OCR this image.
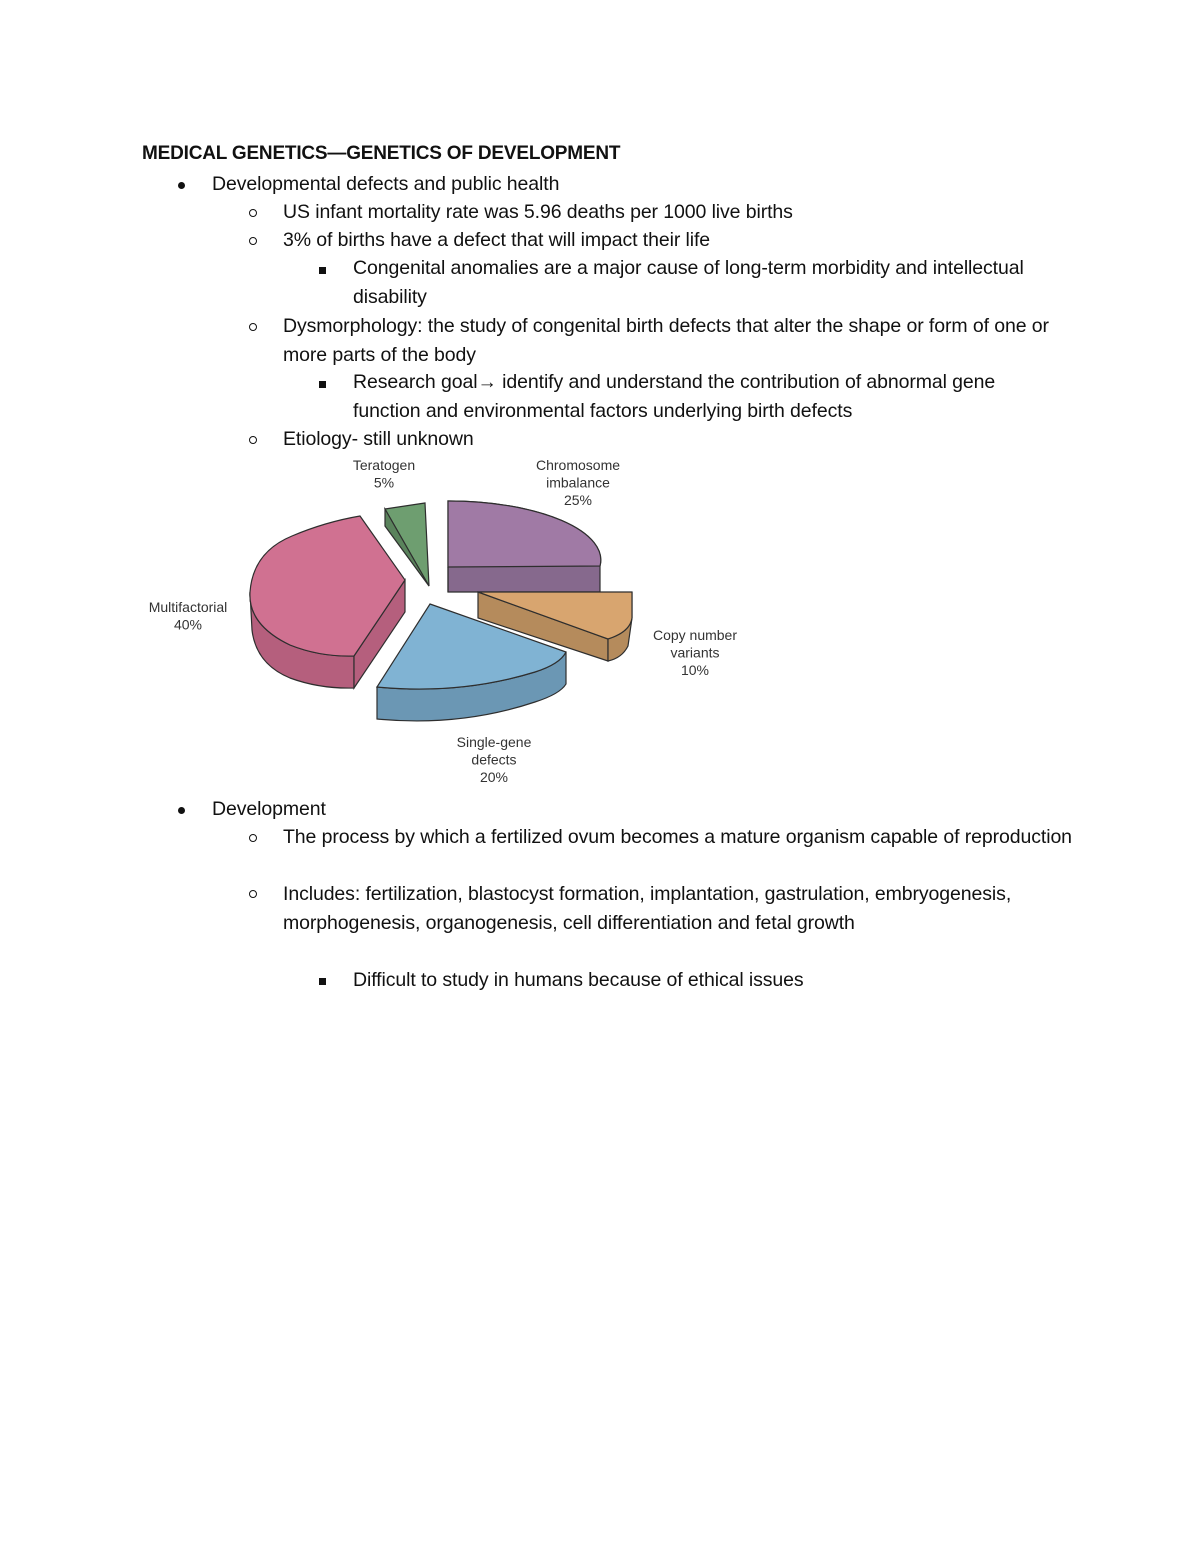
MEDICAL GENETICS—GENETICS OF DEVELOPMENT
Developmental defects and public health
US infant mortality rate was 5.96 deaths per 1000 live births
3% of births have a defect that will impact their life
Congenital anomalies are a major cause of long-term morbidity and intellectual disability
Dysmorphology: the study of congenital birth defects that alter the shape or form of one or more parts of the body
Research goal→ identify and understand the contribution of abnormal gene function and environmental factors underlying birth defects
Etiology- still unknown
Chromosome imbalance 25%
Copy number variants 10%
Single-gene defects 20%
Multifactorial 40%
Teratogen 5%
Development
The process by which a fertilized ovum becomes a mature organism capable of reproduction
Includes: fertilization, blastocyst formation, implantation, gastrulation, embryogenesis, morphogenesis, organogenesis, cell differentiation and fetal growth
Difficult to study in humans because of ethical issues
